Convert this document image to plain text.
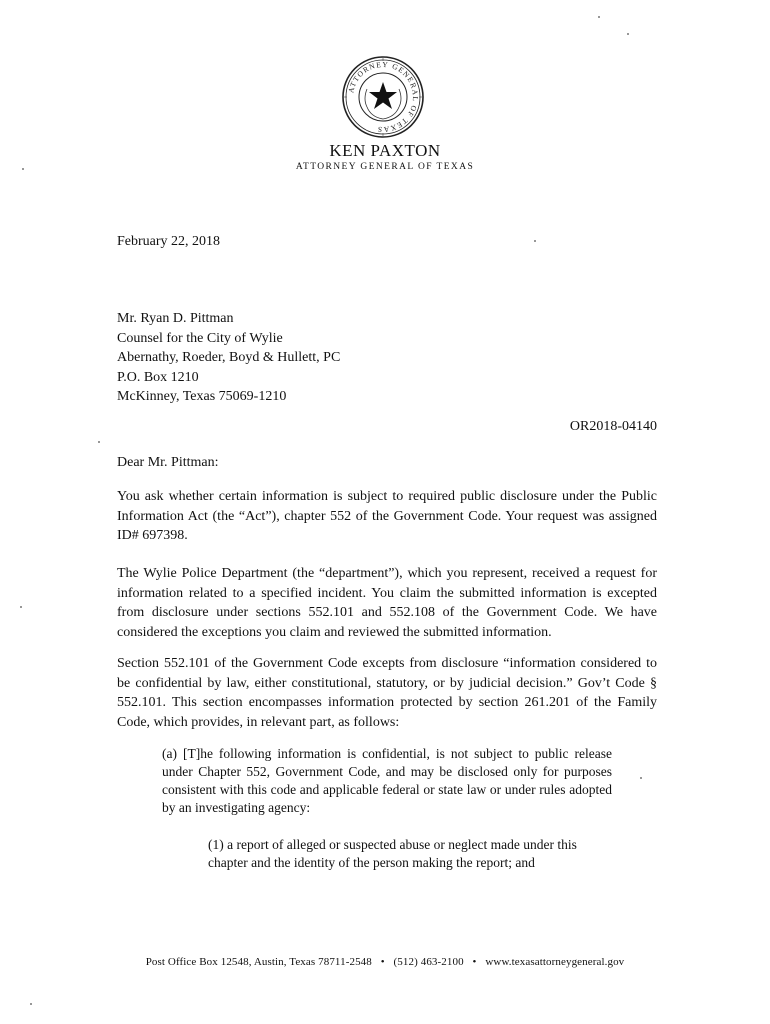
ATTORNEY GENERAL OF TEXAS
KEN PAXTON
ATTORNEY GENERAL OF TEXAS
February 22, 2018
Mr. Ryan D. Pittman
Counsel for the City of Wylie
Abernathy, Roeder, Boyd & Hullett, PC
P.O. Box 1210
McKinney, Texas 75069-1210
OR2018-04140
Dear Mr. Pittman:
You ask whether certain information is subject to required public disclosure under the Public Information Act (the “Act”), chapter 552 of the Government Code. Your request was assigned ID# 697398.
The Wylie Police Department (the “department”), which you represent, received a request for information related to a specified incident. You claim the submitted information is excepted from disclosure under sections 552.101 and 552.108 of the Government Code. We have considered the exceptions you claim and reviewed the submitted information.
Section 552.101 of the Government Code excepts from disclosure “information considered to be confidential by law, either constitutional, statutory, or by judicial decision.” Gov’t Code § 552.101. This section encompasses information protected by section 261.201 of the Family Code, which provides, in relevant part, as follows:
(a) [T]he following information is confidential, is not subject to public release under Chapter 552, Government Code, and may be disclosed only for purposes consistent with this code and applicable federal or state law or under rules adopted by an investigating agency:
(1) a report of alleged or suspected abuse or neglect made under this chapter and the identity of the person making the report; and
Post Office Box 12548, Austin, Texas 78711-2548 • (512) 463-2100 • www.texasattorneygeneral.gov
